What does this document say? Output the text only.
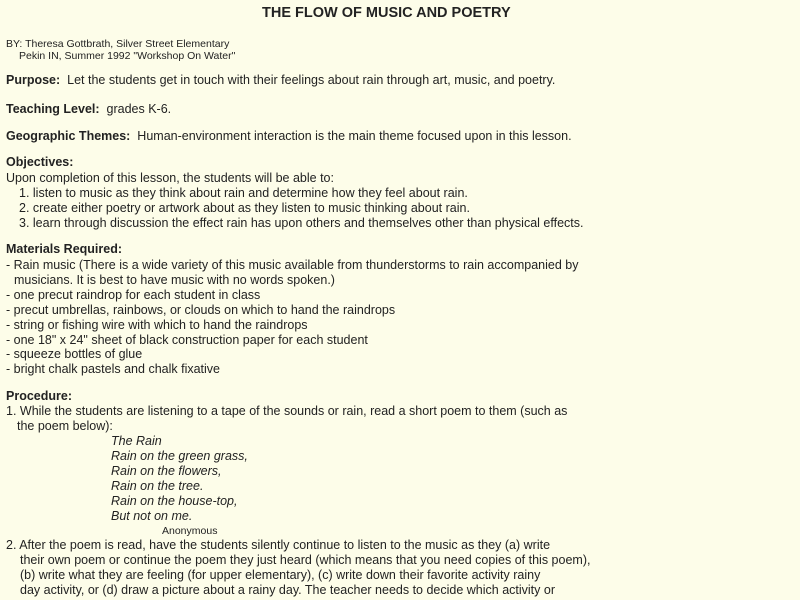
THE FLOW OF MUSIC AND POETRY
BY: Theresa Gottbrath, Silver Street Elementary
Pekin IN, Summer 1992 "Workshop On Water"
Purpose: Let the students get in touch with their feelings about rain through art, music, and poetry.
Teaching Level: grades K-6.
Geographic Themes: Human-environment interaction is the main theme focused upon in this lesson.
Objectives:
Upon completion of this lesson, the students will be able to:
1. listen to music as they think about rain and determine how they feel about rain.
2. create either poetry or artwork about as they listen to music thinking about rain.
3. learn through discussion the effect rain has upon others and themselves other than physical effects.
Materials Required:
- Rain music (There is a wide variety of this music available from thunderstorms to rain accompanied by
musicians. It is best to have music with no words spoken.)
- one precut raindrop for each student in class
- precut umbrellas, rainbows, or clouds on which to hand the raindrops
- string or fishing wire with which to hand the raindrops
- one 18" x 24" sheet of black construction paper for each student
- squeeze bottles of glue
- bright chalk pastels and chalk fixative
Procedure:
1. While the students are listening to a tape of the sounds or rain, read a short poem to them (such as
the poem below):
The Rain
Rain on the green grass,
Rain on the flowers,
Rain on the tree.
Rain on the house-top,
But not on me.
Anonymous
2. After the poem is read, have the students silently continue to listen to the music as they (a) write
their own poem or continue the poem they just heard (which means that you need copies of this poem),
(b) write what they are feeling (for upper elementary), (c) write down their favorite activity rainy
day activity, or (d) draw a picture about a rainy day. The teacher needs to decide which activity or
